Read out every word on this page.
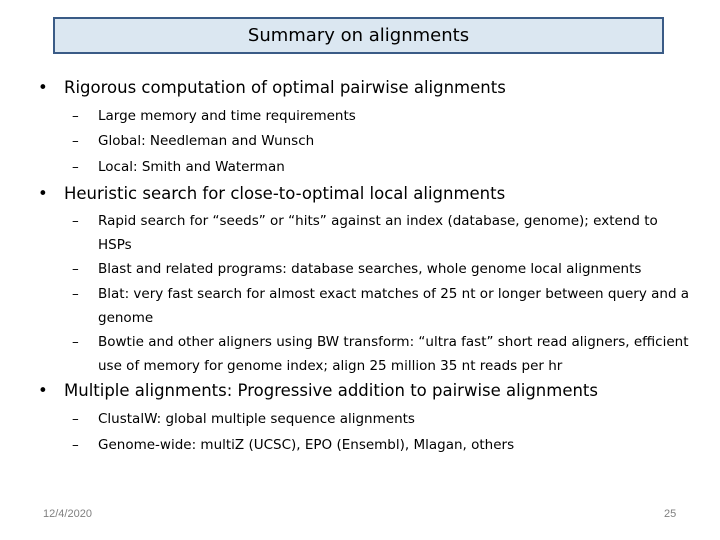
Summary on alignments
• Rigorous computation of optimal pairwise alignments
–	Large memory and time requirements
–	Global: Needleman and Wunsch
–	Local: Smith and Waterman
• Heuristic search for close-to-optimal local alignments
–	Rapid search for “seeds” or “hits” against an index (database, genome); extend to HSPs
–	Blast and related programs: database searches, whole genome local alignments
–	Blat: very fast search for almost exact matches of 25 nt or longer between query and a genome
–	Bowtie and other aligners using BW transform: “ultra fast” short read aligners, efficient use of memory for genome index; align 25 million 35 nt reads per hr
• Multiple alignments: Progressive addition to pairwise alignments
–	ClustalW: global multiple sequence alignments
–	Genome-wide: multiZ (UCSC), EPO (Ensembl), Mlagan, others
12/4/2020	25
